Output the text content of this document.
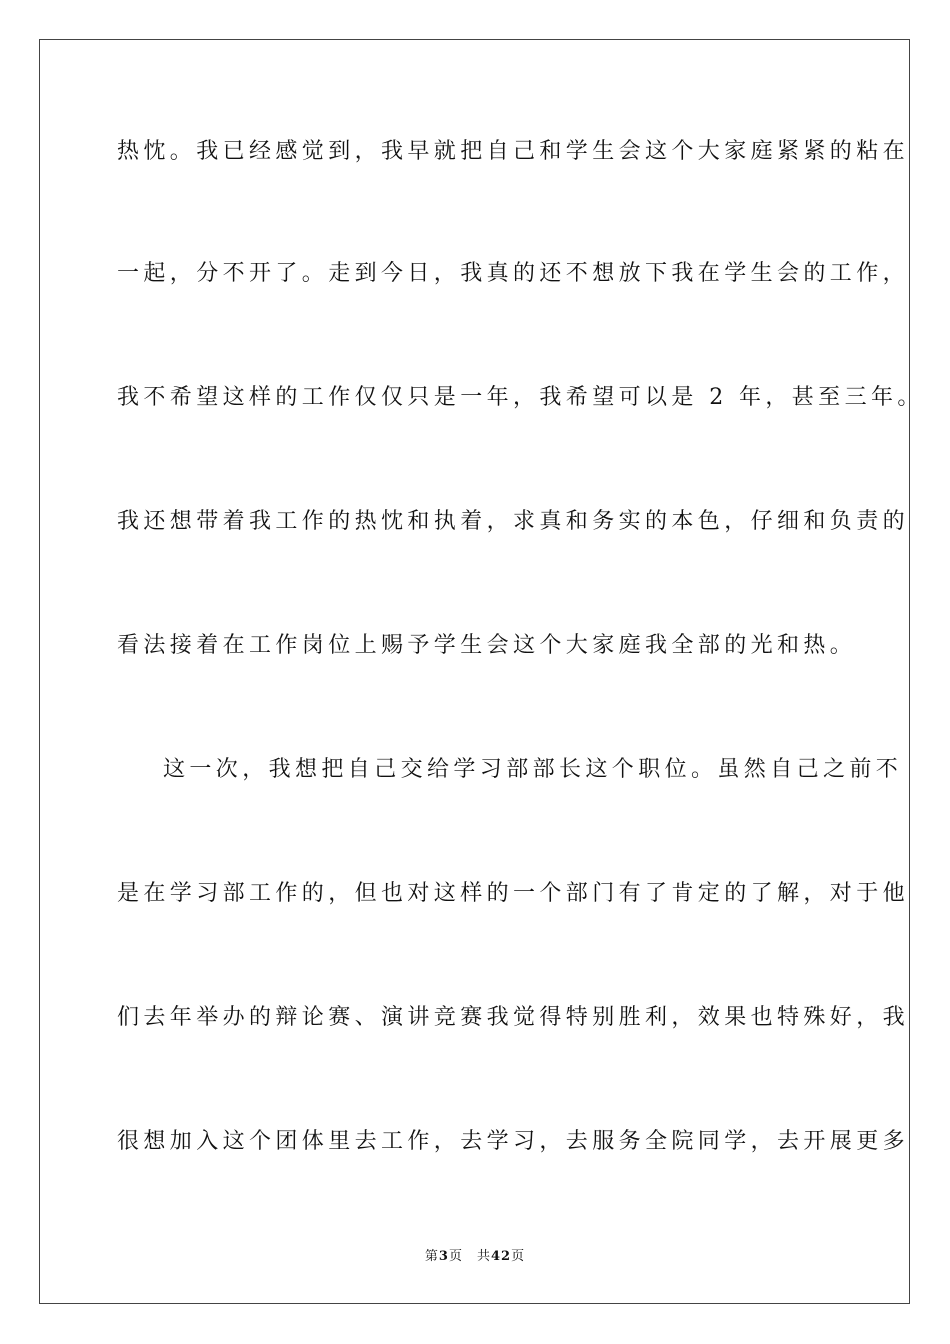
热忱。我已经感觉到，我早就把自己和学生会这个大家庭紧紧的粘在
一起，分不开了。走到今日，我真的还不想放下我在学生会的工作，
我不希望这样的工作仅仅只是一年，我希望可以是 2 年，甚至三年。
我还想带着我工作的热忱和执着，求真和务实的本色，仔细和负责的
看法接着在工作岗位上赐予学生会这个大家庭我全部的光和热。
这一次，我想把自己交给学习部部长这个职位。虽然自己之前不
是在学习部工作的，但也对这样的一个部门有了肯定的了解，对于他
们去年举办的辩论赛、演讲竞赛我觉得特别胜利，效果也特殊好，我
很想加入这个团体里去工作，去学习，去服务全院同学，去开展更多
第3页 共42页
